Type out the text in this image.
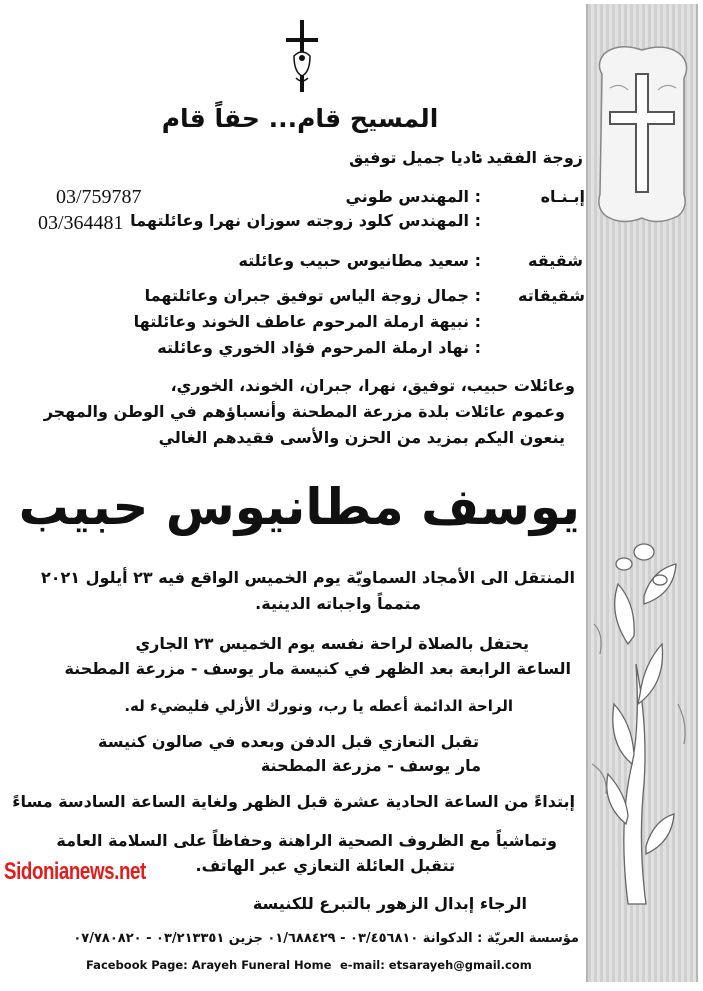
المسيح قام... حقاً قام
زوجة الفقيد :
ناديا جميل توفيق
إبـنـاه
: المهندس طوني
03/759787
: المهندس كلود زوجته سوزان نهرا وعائلتهما
03/364481
شقيقه
: سعيد مطانيوس حبيب وعائلته
شقيقاته
: جمال زوجة الياس توفيق جبران وعائلتهما
: نبيهة ارملة المرحوم عاطف الخوند وعائلتها
: نهاد ارملة المرحوم فؤاد الخوري وعائلته
وعائلات حبيب، توفيق، نهرا، جبران، الخوند، الخوري،
وعموم عائلات بلدة مزرعة المطحنة وأنسباؤهم في الوطن والمهجر
ينعون اليكم بمزيد من الحزن والأسى فقيدهم الغالي
يوسف مطانيوس حبيب
المنتقل الى الأمجاد السماويّة يوم الخميس الواقع فيه ٢٣ أيلول ٢٠٢١
متمماً واجباته الدينية.
يحتفل بالصلاة لراحة نفسه يوم الخميس ٢٣ الجاري
الساعة الرابعة بعد الظهر في كنيسة مار يوسف - مزرعة المطحنة
الراحة الدائمة أعطه يا رب، ونورك الأزلي فليضيء له.
تقبل التعازي قبل الدفن وبعده في صالون كنيسة
مار يوسف - مزرعة المطحنة
إبتداءً من الساعة الحادية عشرة قبل الظهر ولغاية الساعة السادسة مساءً
وتماشياً مع الظروف الصحية الراهنة وحفاظاً على السلامة العامة
تتقبل العائلة التعازي عبر الهاتف.
الرجاء إبدال الزهور بالتبرع للكنيسة
مؤسسة العريّة : الدكوانة ٠٣/٤٥٦٨١٠ - ٠١/٦٨٨٤٢٩ جزين ٠٣/٢١٣٣٥١ - ٠٧/٧٨٠٨٢٠
Facebook Page: Arayeh Funeral Home e-mail: etsarayeh@gmail.com
Sidonianews.net
